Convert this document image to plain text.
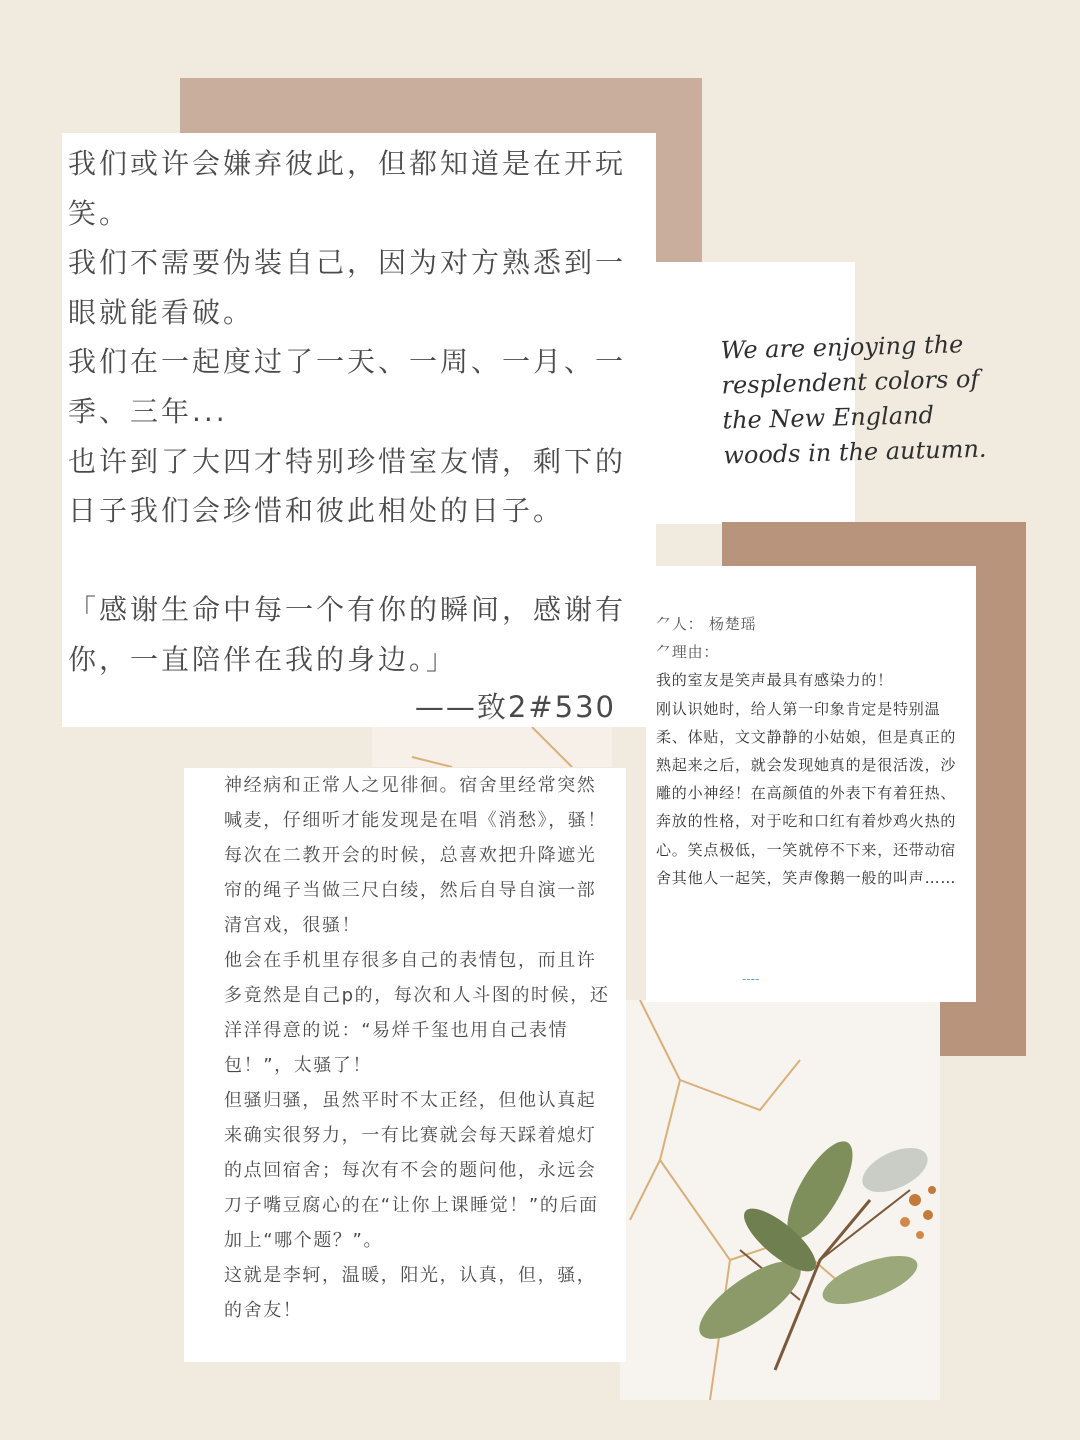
我们或许会嫌弃彼此，但都知道是在开玩笑。

我们不需要伪装自己，因为对方熟悉到一眼就能看破。

我们在一起度过了一天、一周、一月、一季、三年...

也许到了大四才特别珍惜室友情，剩下的日子我们会珍惜和彼此相处的日子。

「感谢生命中每一个有你的瞬间，感谢有你，一直陪伴在我的身边。」

——致2#530
We are enjoying the
resplendent colors of
the New England
woods in the autumn.

⺈人： 杨楚瑶

⺈理由：

我的室友是笑声最具有感染力的！

刚认识她时，给人第一印象肯定是特别温柔、体贴，文文静静的小姑娘，但是真正的熟起来之后，就会发现她真的是很活泼，沙雕的小神经！在高颜值的外表下有着狂热、奔放的性格，对于吃和口红有着炒鸡火热的心。笑点极低，一笑就停不下来，还带动宿舍其他人一起笑，笑声像鹅一般的叫声……

----

神经病和正常人之见徘徊。宿舍里经常突然喊麦，仔细听才能发现是在唱《消愁》，骚！每次在二教开会的时候，总喜欢把升降遮光帘的绳子当做三尺白绫，然后自导自演一部清宫戏，很骚！

他会在手机里存很多自己的表情包，而且许多竟然是自己p的，每次和人斗图的时候，还洋洋得意的说：“易烊千玺也用自己表情包！”，太骚了！

但骚归骚，虽然平时不太正经，但他认真起来确实很努力，一有比赛就会每天踩着熄灯的点回宿舍；每次有不会的题问他，永远会刀子嘴豆腐心的在“让你上课睡觉！”的后面加上“哪个题？”。

这就是李轲，温暖，阳光，认真，但，骚，的舍友！
